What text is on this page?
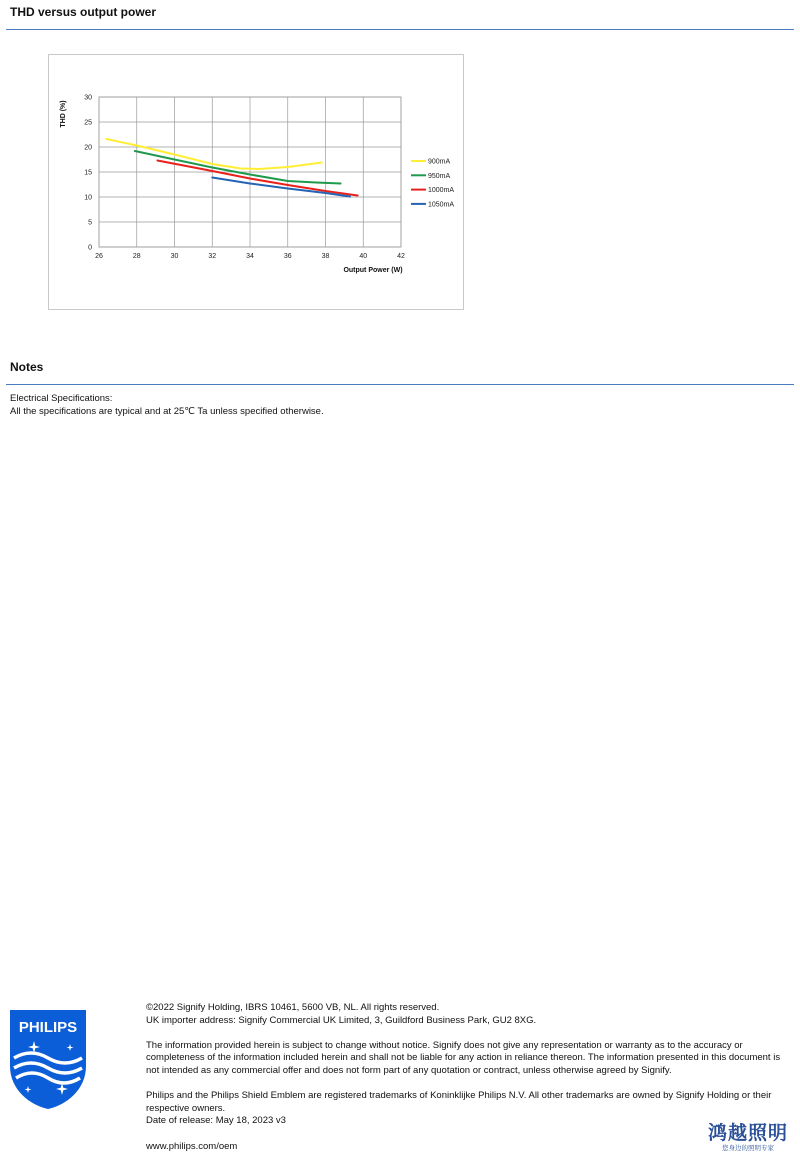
THD versus output power
26	28	30	32	34	36	38	40	42
0
5
10
15
20
25
30
900mA
950mA
1000mA
1050mA
THD (%)
Output Power (W)
Notes
Electrical Specifications:
All the specifications are typical and at 25℃ Ta unless specified otherwise.
PHILIPS

©2022 Signify Holding, IBRS 10461, 5600 VB, NL. All rights reserved.

UK importer address: Signify Commercial UK Limited, 3, Guildford Business Park, GU2 8XG.

The information provided herein is subject to change without notice. Signify does not give any representation or warranty as to the accuracy or completeness of the information included herein and shall not be liable for any action in reliance thereon. The information presented in this document is not intended as any commercial offer and does not form part of any quotation or contract, unless otherwise agreed by Signify.

Philips and the Philips Shield Emblem are registered trademarks of Koninklijke Philips N.V. All other trademarks are owned by Signify Holding or their respective owners.

Date of release: May 18, 2023 v3

www.philips.com/oem

鸿越照明
您身边的照明专家
